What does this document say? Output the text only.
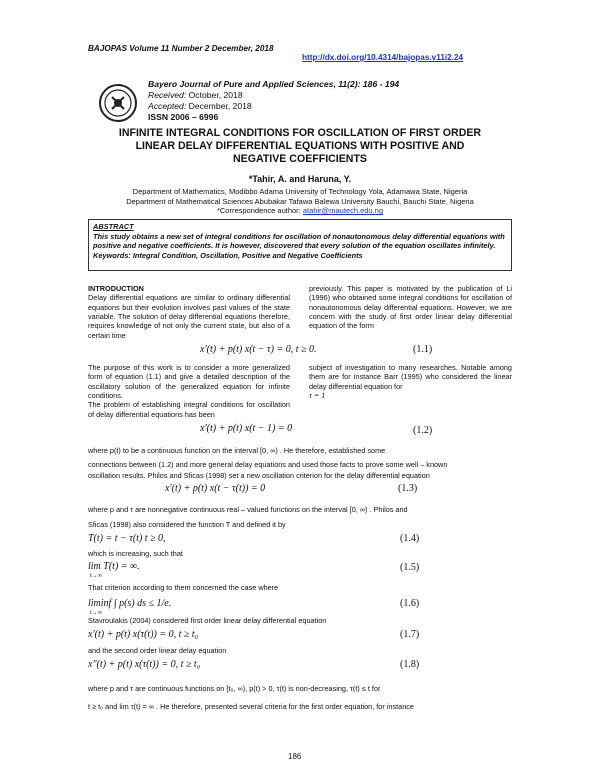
BAJOPAS Volume 11 Number 2 December, 2018
http://dx.doi.org/10.4314/bajopas.v11i2.24
Bayero Journal of Pure and Applied Sciences, 11(2): 186 - 194
Received: October, 2018
Accepted: December, 2018
ISSN 2006 – 6996
INFINITE INTEGRAL CONDITIONS FOR OSCILLATION OF FIRST ORDER
LINEAR DELAY DIFFERENTIAL EQUATIONS WITH POSITIVE AND
NEGATIVE COEFFICIENTS
*Tahir, A. and Haruna, Y.
Department of Mathematics, Modibbo Adama University of Technology Yola, Adamawa State, Nigeria
Department of Mathematical Sciences Abubakar Tafawa Balewa University Bauchi, Bauchi State, Nigeria
*Correspondence author: atahir@mautech.edu.ng
ABSTRACT
This study obtains a new set of integral conditions for oscillation of nonautonomous delay differential equations with positive and negative coefficients. It is however, discovered that every solution of the equation oscillates infinitely.
Keywords: Integral Condition, Oscillation, Positive and Negative Coefficients
INTRODUCTION
Delay differential equations are similar to ordinary differential equations but their evolution involves past values of the state variable. The solution of delay differential equations therefore, requires knowledge of not only the current state, but also of a certain time
previously. This paper is motivated by the publication of Li (1996) who obtained some integral conditions for oscillation of nonautonomous delay differential equations. However, we are concern with the study of first order linear delay differential equation of the form
x′(t) + p(t) x(t − τ) = 0, t ≥ 0.	(1.1)
The purpose of this work is to consider a more generalized form of equation (1.1) and give a detailed description of the oscillatory solution of the generalized equation for infinite conditions.
The problem of establishing integral conditions for oscillation of delay differential equations has been
subject of investigation to many researches. Notable among them are for instance Barr (1995) who considered the linear delay differential equation for
τ = 1
x′(t) + p(t) x(t − 1) = 0	(1.2)
where p(t) to be a continuous function on the interval [0, ∞) . He therefore, established some
connections between (1.2) and more general delay equations and used those facts to prove some well – known
oscillation results. Philos and Sficas (1998) set a new oscillation criterion for the delay differential equation
x′(t) + p(t) x(t − τ(t)) = 0	(1.3)
where p and τ are nonnegative continuous real – valued functions on the interval [0, ∞) . Philos and
Sficas (1998) also considered the function T and defined it by
T(t) = t − τ(t) t ≥ 0,	(1.4)
which is increasing, such that
lim T(t) = ∞.
t→∞
(1.5)
That criterion according to them concerned the case where
liminf ∫ p(s) ds ≤ 1/e.
t→∞
(1.6)
Stavroulakis (2004) considered first order linear delay differential equation
x′(t) + p(t) x(τ(t)) = 0, t ≥ t₀	(1.7)
and the second order linear delay equation
x″(t) + p(t) x(τ(t)) = 0, t ≥ t₀	(1.8)
where p and τ are continuous functions on [t₀, ∞), p(t) > 0, τ(t) is non-decreasing, τ(t) ≤ t for
t ≥ t₀ and lim τ(t) = ∞ . He therefore, presented several criteria for the first order equation, for instance
186
